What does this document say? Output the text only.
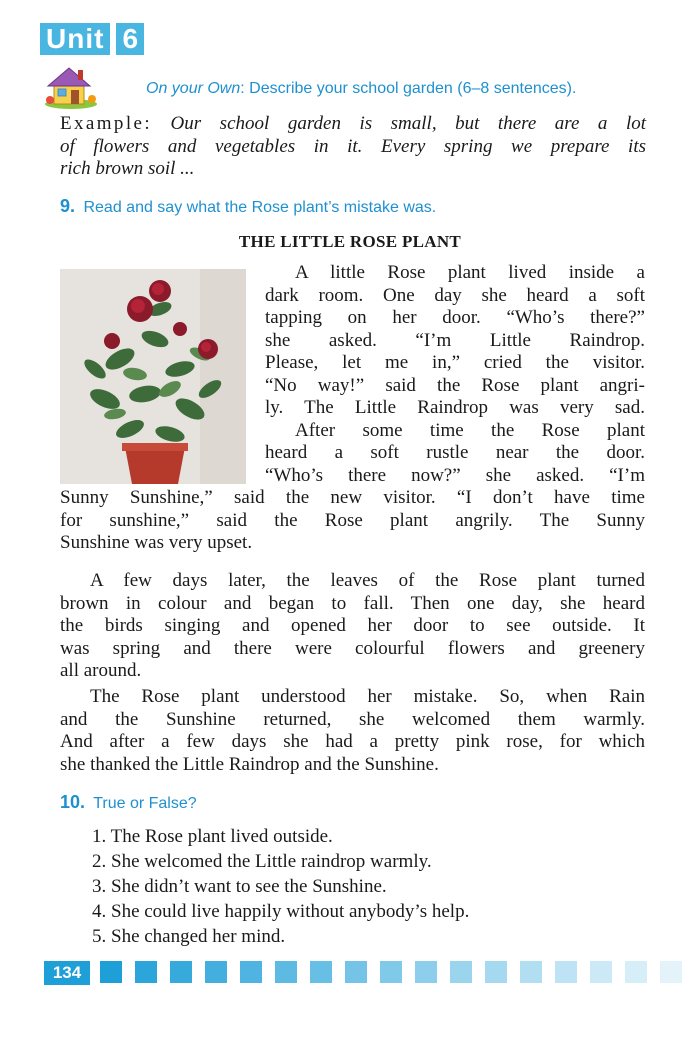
Unit 6
On your Own: Describe your school garden (6–8 sentences).
Example: Our school garden is small, but there are a lot
of flowers and vegetables in it. Every spring we prepare its
rich brown soil ...
9. Read and say what the Rose plant’s mistake was.
THE LITTLE ROSE PLANT
A little Rose plant lived inside a
dark room. One day she heard a soft
tapping on her door. “Who’s there?”
she asked. “I’m Little Raindrop.
Please, let me in,” cried the visitor.
“No way!” said the Rose plant angri-
ly. The Little Raindrop was very sad.
After some time the Rose plant
heard a soft rustle near the door.
“Who’s there now?” she asked. “I’m
Sunny Sunshine,” said the new visitor. “I don’t have time
for sunshine,” said the Rose plant angrily. The Sunny
Sunshine was very upset.
A few days later, the leaves of the Rose plant turned
brown in colour and began to fall. Then one day, she heard
the birds singing and opened her door to see outside. It
was spring and there were colourful flowers and greenery
all around.
The Rose plant understood her mistake. So, when Rain
and the Sunshine returned, she welcomed them warmly.
And after a few days she had a pretty pink rose, for which
she thanked the Little Raindrop and the Sunshine.
10. True or False?
1. The Rose plant lived outside.
2. She welcomed the Little raindrop warmly.
3. She didn’t want to see the Sunshine.
4. She could live happily without anybody’s help.
5. She changed her mind.
134
